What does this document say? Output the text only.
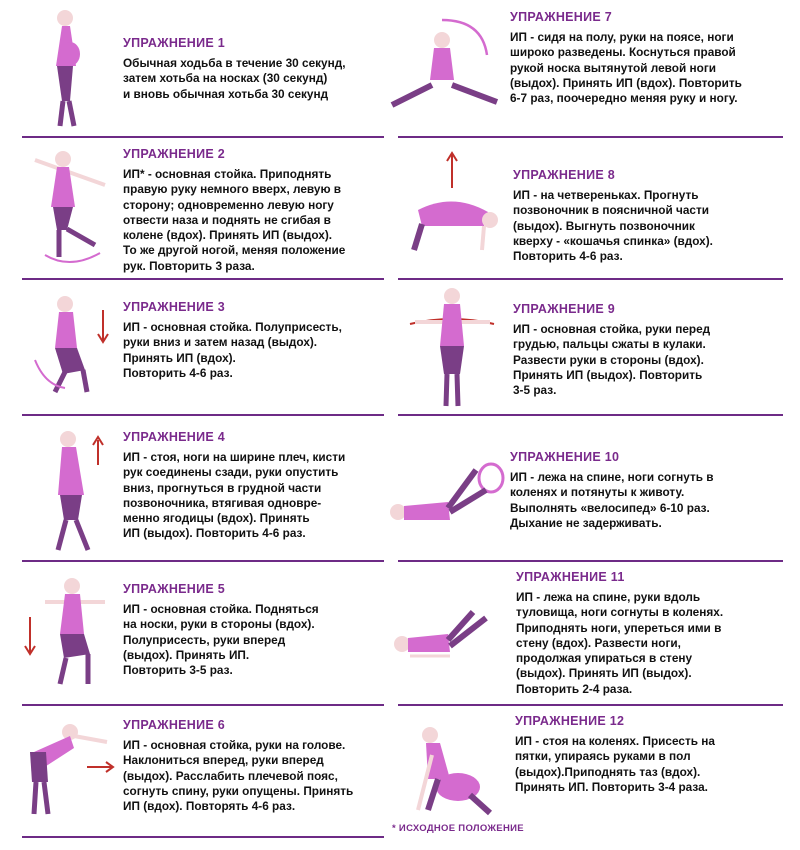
УПРАЖНЕНИЕ 1
Обычная ходьба в течение 30 секунд,
затем хотьба на носках (30 секунд)
и вновь обычная хотьба 30 секунд
УПРАЖНЕНИЕ 2
ИП* - основная стойка. Приподнять
правую руку немного вверх, левую в
сторону; одновременно левую ногу
отвести наза и поднять не сгибая в
колене (вдох). Принять ИП (выдох).
То же другой ногой, меняя положение
рук. Повторить 3 раза.
УПРАЖНЕНИЕ 3
ИП - основная стойка. Полуприсесть,
руки вниз и затем назад (выдох).
Принять ИП (вдох).
Повторить 4-6 раз.
УПРАЖНЕНИЕ 4
ИП - стоя, ноги на ширине плеч, кисти
рук соединены сзади, руки опустить
вниз, прогнуться в грудной части
позвоночника, втягивая одновре-
менно ягодицы (вдох). Принять
ИП (выдох). Повторить 4-6 раз.
УПРАЖНЕНИЕ 5
ИП - основная стойка. Подняться
на носки, руки в стороны (вдох).
Полуприсесть, руки вперед
(выдох). Принять ИП.
Повторить 3-5 раз.
УПРАЖНЕНИЕ 6
ИП - основная стойка, руки на голове.
Наклониться вперед, руки вперед
(выдох). Расслабить плечевой пояс,
согнуть спину, руки опущены. Принять
ИП (вдох). Повторять 4-6 раз.
УПРАЖНЕНИЕ 7
ИП - сидя на полу, руки на поясе, ноги
широко разведены. Коснуться правой
рукой носка вытянутой левой ноги
(выдох). Принять ИП (вдох). Повторить
6-7 раз, поочередно меняя руку и ногу.
УПРАЖНЕНИЕ 8
ИП - на четвереньках. Прогнуть
позвоночник в поясничной части
(выдох). Выгнуть позвоночник
кверху - «кошачья спинка» (вдох).
Повторить 4-6 раз.
УПРАЖНЕНИЕ 9
ИП - основная стойка, руки перед
грудью, пальцы сжаты в кулаки.
Развести руки в стороны (вдох).
Принять ИП (выдох). Повторить
3-5 раз.
УПРАЖНЕНИЕ 10
ИП - лежа на спине, ноги согнуть в
коленях и потянуты к животу.
Выполнять «велосипед» 6-10 раз.
Дыхание не задерживать.
УПРАЖНЕНИЕ 11
ИП - лежа на спине, руки вдоль
туловища, ноги согнуты в коленях.
Приподнять ноги, упереться ими в
стену (вдох). Развести ноги,
продолжая упираться в стену
(выдох). Принять ИП (выдох).
Повторить 2-4 раза.
УПРАЖНЕНИЕ 12
ИП - стоя на коленях. Присесть на
пятки, упираясь руками в пол
(выдох).Приподнять таз (вдох).
Принять ИП. Повторить 3-4 раза.
* ИСХОДНОЕ ПОЛОЖЕНИЕ
